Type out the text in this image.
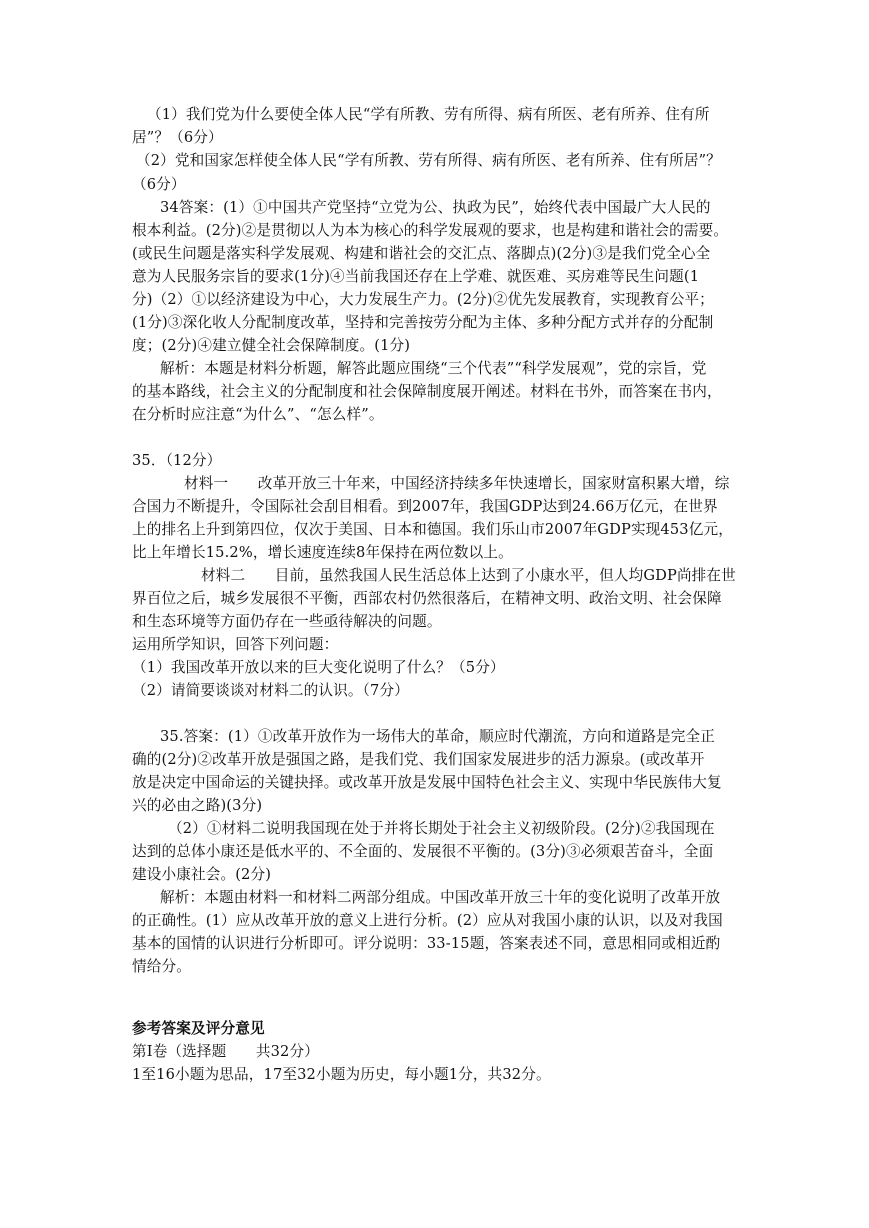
（1）我们党为什么要使全体人民“学有所教、劳有所得、病有所医、老有所养、住有所
居”？（6分）
（2）党和国家怎样使全体人民“学有所教、劳有所得、病有所医、老有所养、住有所居”？
（6分）
34答案：(1）①中国共产党坚持“立党为公、执政为民”，始终代表中国最广大人民的
根本利益。(2分)②是贯彻以人为本为核心的科学发展观的要求，也是构建和谐社会的需要。
(或民生问题是落实科学发展观、构建和谐社会的交汇点、落脚点)(2分)③是我们党全心全
意为人民服务宗旨的要求(1分)④当前我国还存在上学难、就医难、买房难等民生问题(1
分)（2）①以经济建设为中心，大力发展生产力。(2分)②优先发展教育，实现教育公平；
(1分)③深化收人分配制度改革，坚持和完善按劳分配为主体、多种分配方式并存的分配制
度；(2分)④建立健全社会保障制度。(1分)
解析：本题是材料分析题，解答此题应围绕“三个代表”“科学发展观”，党的宗旨，党
的基本路线，社会主义的分配制度和社会保障制度展开阐述。材料在书外，而答案在书内，
在分析时应注意“为什么”、“怎么样”。
35．（12分）
材料一　　改革开放三十年来，中国经济持续多年快速增长，国家财富积累大增，综
合国力不断提升，令国际社会刮目相看。到2007年，我国GDP达到24.66万亿元，在世界
上的排名上升到第四位，仅次于美国、日本和德国。我们乐山市2007年GDP实现453亿元，
比上年增长15.2%，增长速度连续8年保持在两位数以上。
材料二　　目前，虽然我国人民生活总体上达到了小康水平，但人均GDP尚排在世
界百位之后，城乡发展很不平衡，西部农村仍然很落后，在精神文明、政治文明、社会保障
和生态环境等方面仍存在一些亟待解决的问题。
运用所学知识，回答下列问题：
（1）我国改革开放以来的巨大变化说明了什么？（5分）
（2）请简要谈谈对材料二的认识。（7分）
35.答案：(1）①改革开放作为一场伟大的革命，顺应时代潮流，方向和道路是完全正
确的(2分)②改革开放是强国之路，是我们党、我们国家发展进步的活力源泉。(或改革开
放是决定中国命运的关键抉择。或改革开放是发展中国特色社会主义、实现中华民族伟大复
兴的必由之路)(3分)
（2）①材料二说明我国现在处于并将长期处于社会主义初级阶段。(2分)②我国现在
达到的总体小康还是低水平的、不全面的、发展很不平衡的。(3分)③必须艰苦奋斗，全面
建设小康社会。(2分)
解析：本题由材料一和材料二两部分组成。中国改革开放三十年的变化说明了改革开放
的正确性。(1）应从改革开放的意义上进行分析。(2）应从对我国小康的认识，以及对我国
基本的国情的认识进行分析即可。评分说明：33-15题，答案表述不同，意思相同或相近酌
情给分。
参考答案及评分意见
第Ⅰ卷（选择题　　共32分）
1至16小题为思品，17至32小题为历史，每小题1分，共32分。
